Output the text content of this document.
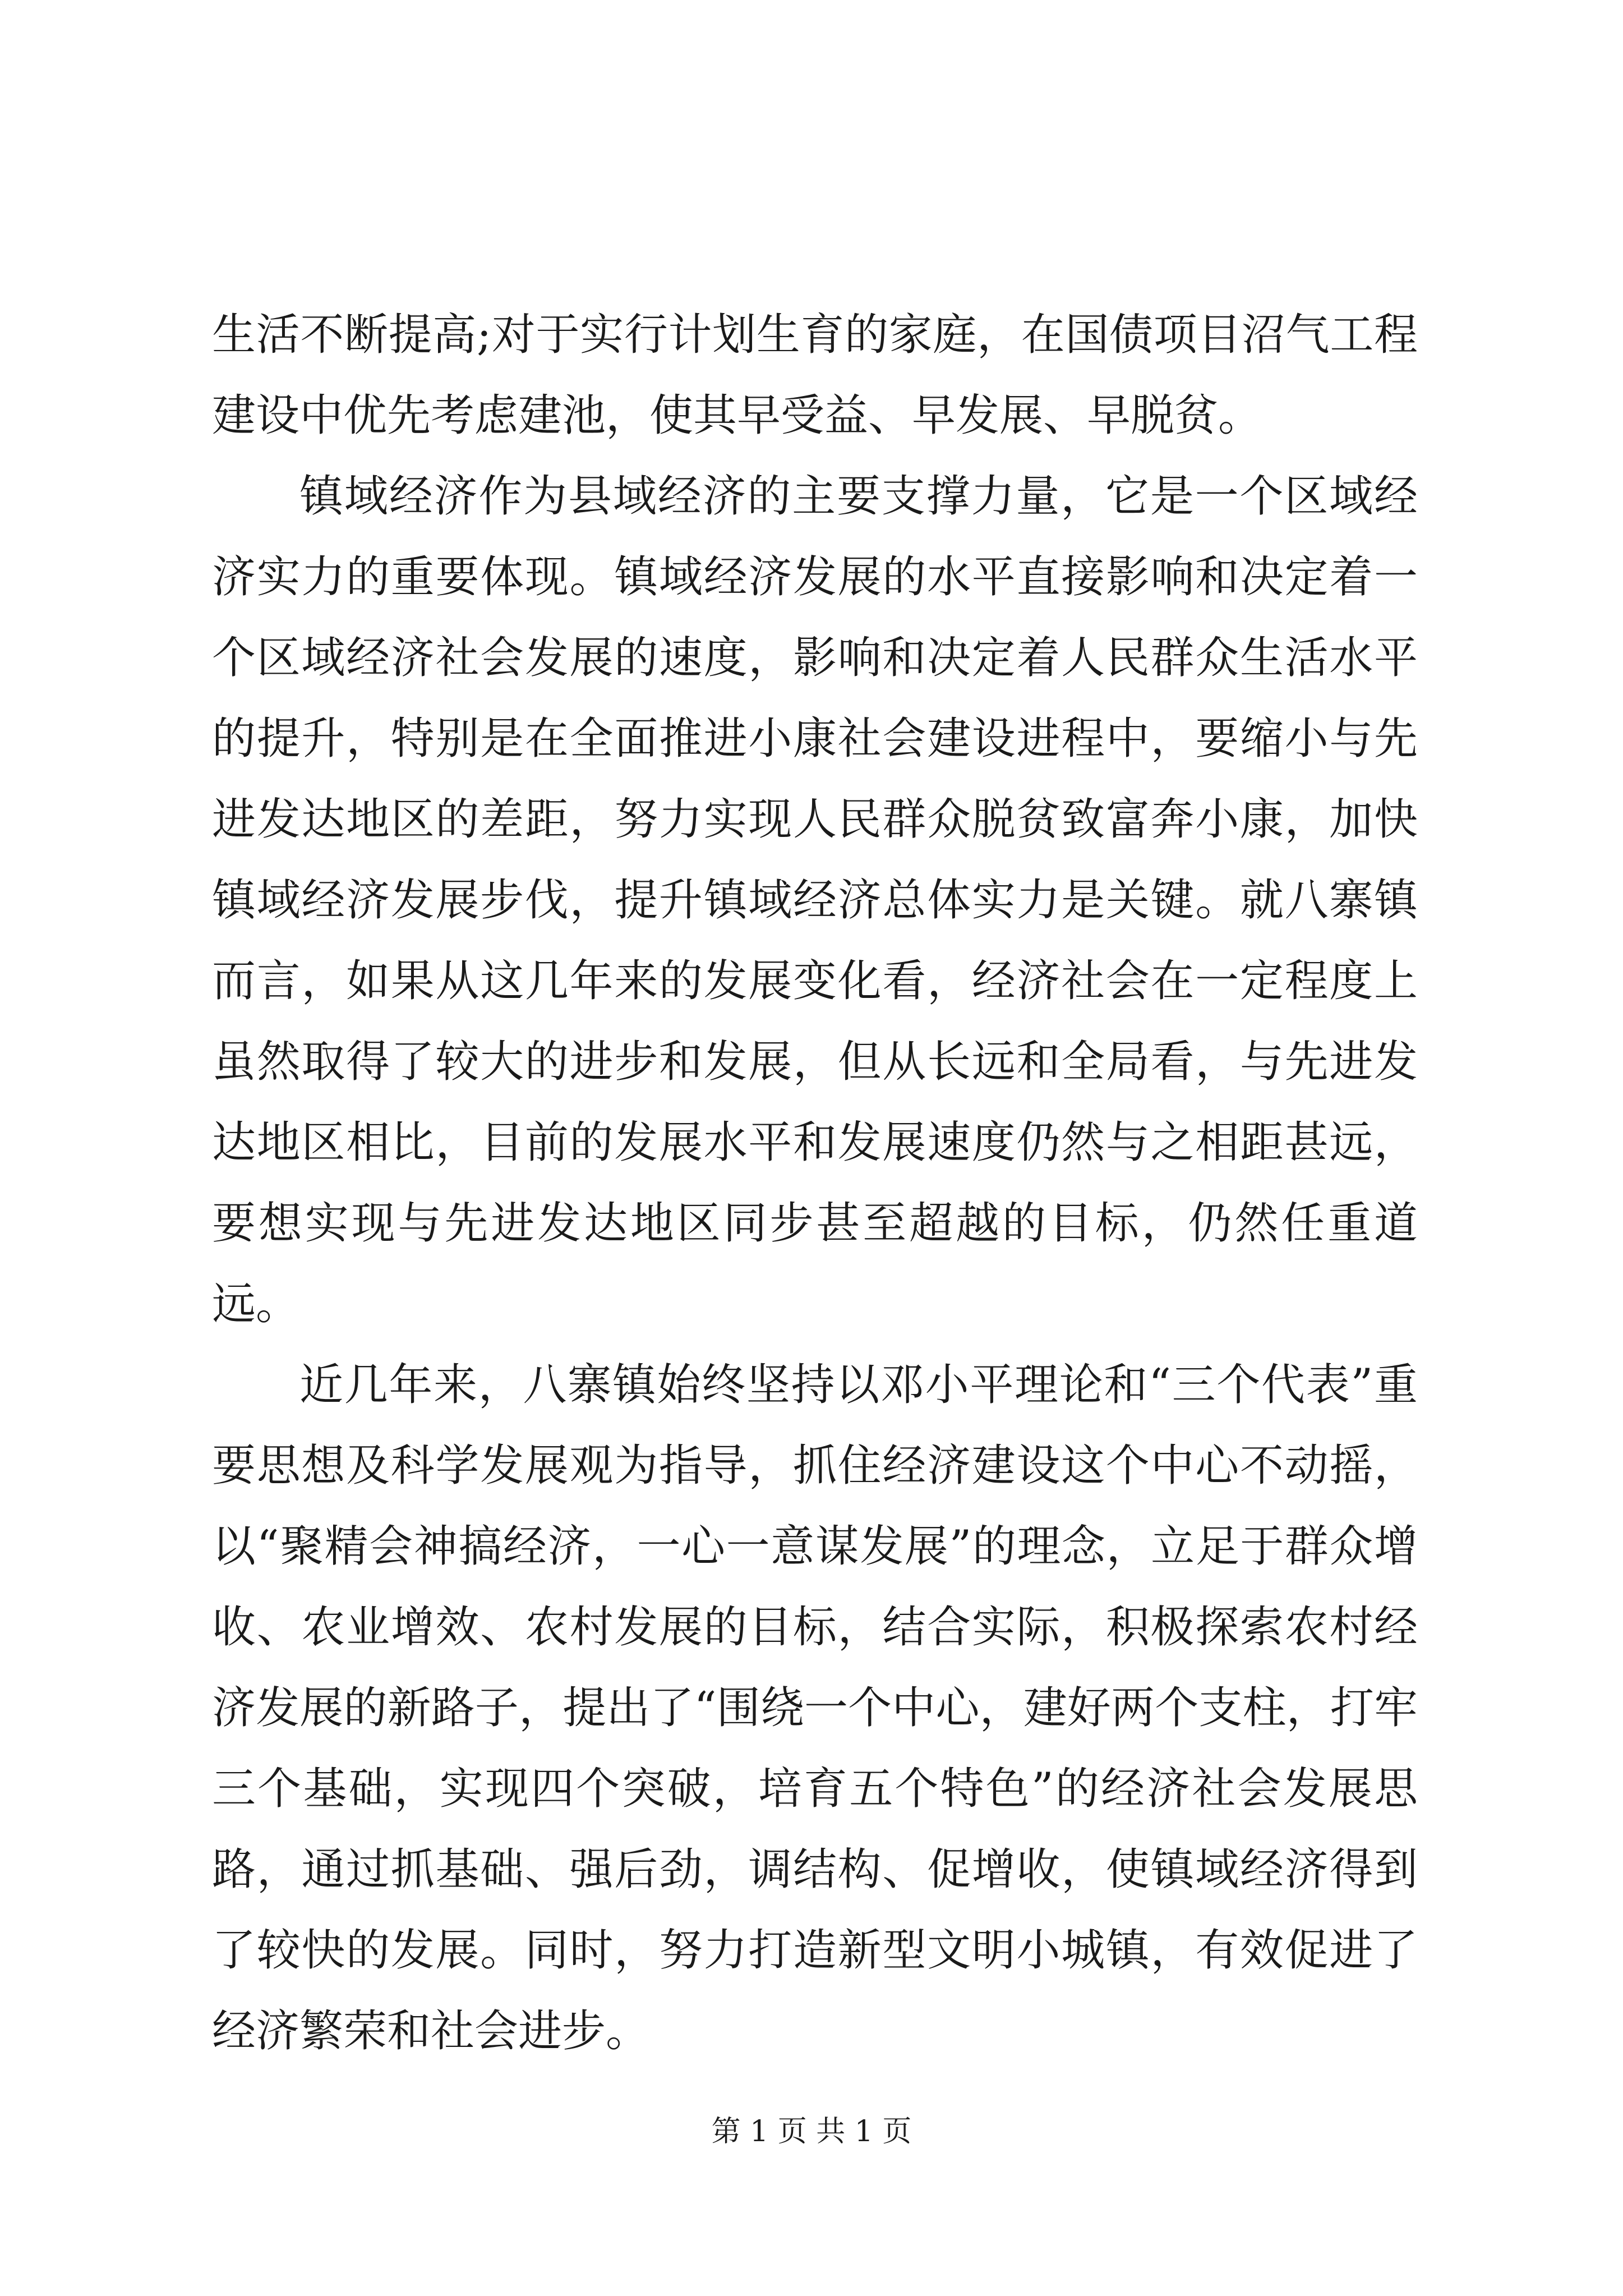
生活不断提高;对于实行计划生育的家庭，在国债项目沼气工程建设中优先考虑建池，使其早受益、早发展、早脱贫。

镇域经济作为县域经济的主要支撑力量，它是一个区域经济实力的重要体现。镇域经济发展的水平直接影响和决定着一个区域经济社会发展的速度，影响和决定着人民群众生活水平的提升，特别是在全面推进小康社会建设进程中，要缩小与先进发达地区的差距，努力实现人民群众脱贫致富奔小康，加快镇域经济发展步伐，提升镇域经济总体实力是关键。就八寨镇而言，如果从这几年来的发展变化看，经济社会在一定程度上虽然取得了较大的进步和发展，但从长远和全局看，与先进发达地区相比，目前的发展水平和发展速度仍然与之相距甚远，要想实现与先进发达地区同步甚至超越的目标，仍然任重道远。

近几年来，八寨镇始终坚持以邓小平理论和“三个代表”重要思想及科学发展观为指导，抓住经济建设这个中心不动摇，以“聚精会神搞经济，一心一意谋发展”的理念，立足于群众增收、农业增效、农村发展的目标，结合实际，积极探索农村经济发展的新路子，提出了“围绕一个中心，建好两个支柱，打牢三个基础，实现四个突破，培育五个特色”的经济社会发展思路，通过抓基础、强后劲，调结构、促增收，使镇域经济得到了较快的发展。同时，努力打造新型文明小城镇，有效促进了经济繁荣和社会进步。

第 1 页 共 1 页
